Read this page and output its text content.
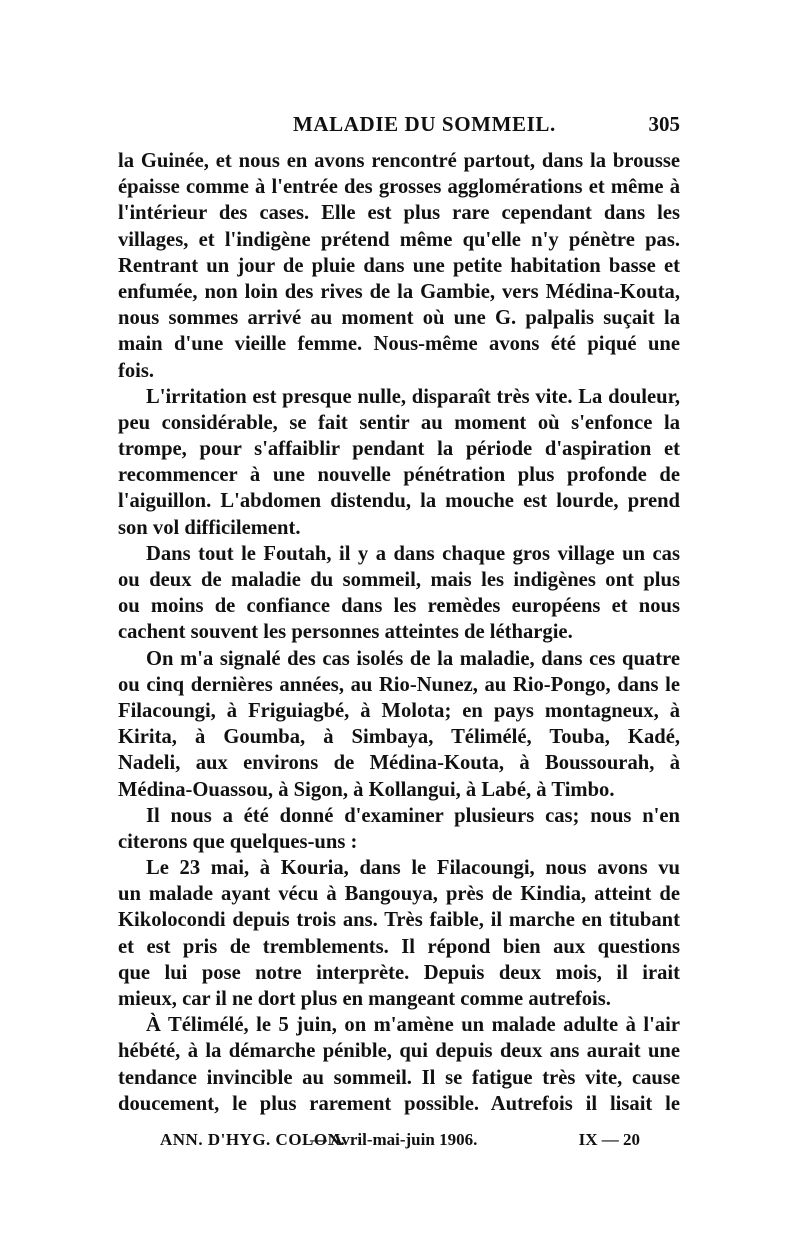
MALADIE DU SOMMEIL.	305
la Guinée, et nous en avons rencontré partout, dans la brousse
épaisse comme à l'entrée des grosses agglomérations et même à
l'intérieur des cases. Elle est plus rare cependant dans les
villages, et l'indigène prétend même qu'elle n'y pénètre pas.
Rentrant un jour de pluie dans une petite habitation basse et
enfumée, non loin des rives de la Gambie, vers Médina-Kouta,
nous sommes arrivé au moment où une G. palpalis suçait la
main d'une vieille femme. Nous-même avons été piqué une
fois.
L'irritation est presque nulle, disparaît très vite. La douleur,
peu considérable, se fait sentir au moment où s'enfonce la
trompe, pour s'affaiblir pendant la période d'aspiration et
recommencer à une nouvelle pénétration plus profonde de
l'aiguillon. L'abdomen distendu, la mouche est lourde, prend
son vol difficilement.
Dans tout le Foutah, il y a dans chaque gros village un cas
ou deux de maladie du sommeil, mais les indigènes ont plus
ou moins de confiance dans les remèdes européens et nous
cachent souvent les personnes atteintes de léthargie.
On m'a signalé des cas isolés de la maladie, dans ces quatre
ou cinq dernières années, au Rio-Nunez, au Rio-Pongo, dans le
Filacoungi, à Friguiagbé, à Molota; en pays montagneux, à
Kirita, à Goumba, à Simbaya, Télimélé, Touba, Kadé,
Nadeli, aux environs de Médina-Kouta, à Boussourah, à
Médina-Ouassou, à Sigon, à Kollangui, à Labé, à Timbo.
Il nous a été donné d'examiner plusieurs cas; nous n'en
citerons que quelques-uns :
Le 23 mai, à Kouria, dans le Filacoungi, nous avons vu
un malade ayant vécu à Bangouya, près de Kindia, atteint de
Kikolocondi depuis trois ans. Très faible, il marche en titubant
et est pris de tremblements. Il répond bien aux questions
que lui pose notre interprète. Depuis deux mois, il irait
mieux, car il ne dort plus en mangeant comme autrefois.
À Télimélé, le 5 juin, on m'amène un malade adulte à l'air
hébété, à la démarche pénible, qui depuis deux ans aurait une
tendance invincible au sommeil. Il se fatigue très vite, cause
doucement, le plus rarement possible. Autrefois il lisait le
ANN. D'HYG. COLON.
— Avril-mai-juin 1906.	IX — 20
